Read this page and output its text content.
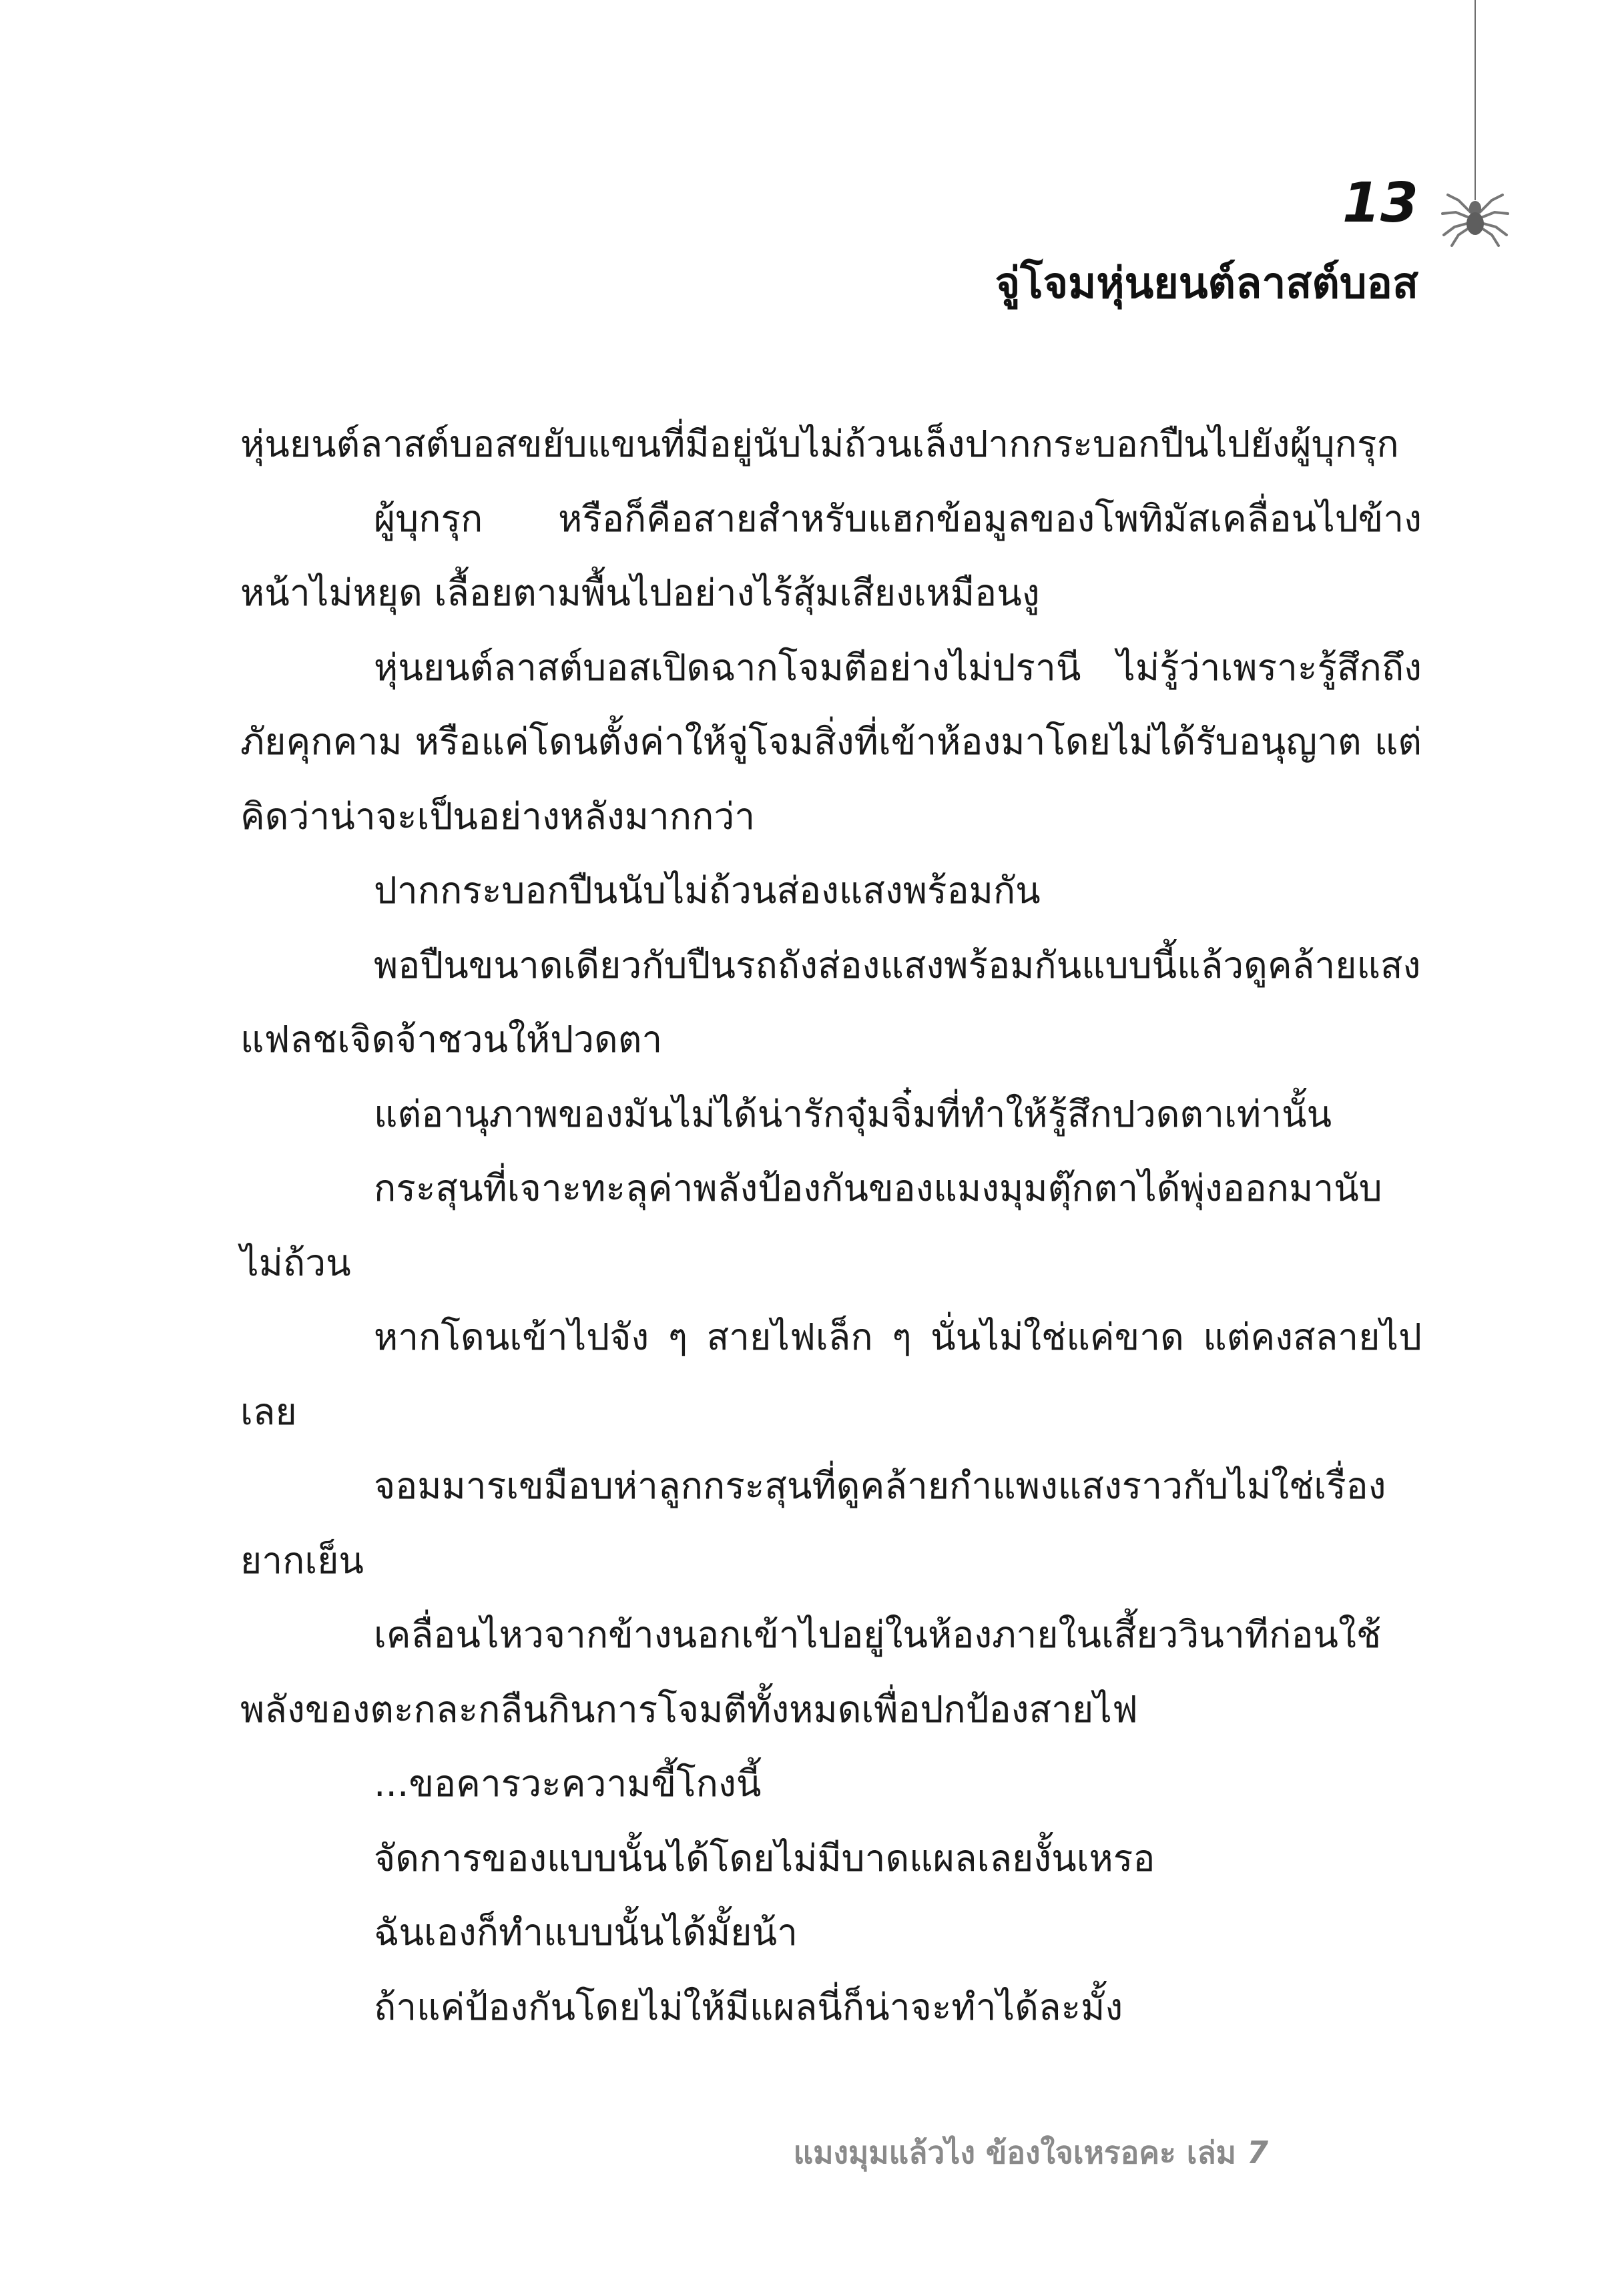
13
จู่โจมหุ่นยนต์ลาสต์บอส

หุ่นยนต์ลาสต์บอสขยับแขนที่มีอยู่นับไม่ถ้วนเล็งปากกระบอกปืนไปยังผู้บุกรุก

ผู้บุกรุก หรือก็คือสายสำหรับแฮกข้อมูลของโพทิมัสเคลื่อนไปข้างหน้าไม่หยุด เลื้อยตามพื้นไปอย่างไร้สุ้มเสียงเหมือนงู

หุ่นยนต์ลาสต์บอสเปิดฉากโจมตีอย่างไม่ปรานี ไม่รู้ว่าเพราะรู้สึกถึงภัยคุกคาม หรือแค่โดนตั้งค่าให้จู่โจมสิ่งที่เข้าห้องมาโดยไม่ได้รับอนุญาต แต่คิดว่าน่าจะเป็นอย่างหลังมากกว่า

ปากกระบอกปืนนับไม่ถ้วนส่องแสงพร้อมกัน

พอปืนขนาดเดียวกับปืนรถถังส่องแสงพร้อมกันแบบนี้แล้วดูคล้ายแสงแฟลชเจิดจ้าชวนให้ปวดตา

แต่อานุภาพของมันไม่ได้น่ารักจุ๋มจิ๋มที่ทำให้รู้สึกปวดตาเท่านั้น

กระสุนที่เจาะทะลุค่าพลังป้องกันของแมงมุมตุ๊กตาได้พุ่งออกมานับไม่ถ้วน

หากโดนเข้าไปจัง ๆ สายไฟเล็ก ๆ นั่นไม่ใช่แค่ขาด แต่คงสลายไปเลย

จอมมารเขมือบห่าลูกกระสุนที่ดูคล้ายกำแพงแสงราวกับไม่ใช่เรื่องยากเย็น

เคลื่อนไหวจากข้างนอกเข้าไปอยู่ในห้องภายในเสี้ยววินาทีก่อนใช้พลังของตะกละกลืนกินการโจมตีทั้งหมดเพื่อปกป้องสายไฟ

...ขอคารวะความขี้โกงนี้

จัดการของแบบนั้นได้โดยไม่มีบาดแผลเลยงั้นเหรอ

ฉันเองก็ทำแบบนั้นได้มั้ยน้า

ถ้าแค่ป้องกันโดยไม่ให้มีแผลนี่ก็น่าจะทำได้ละมั้ง

แมงมุมแล้วไง ข้องใจเหรอคะ เล่ม 7
